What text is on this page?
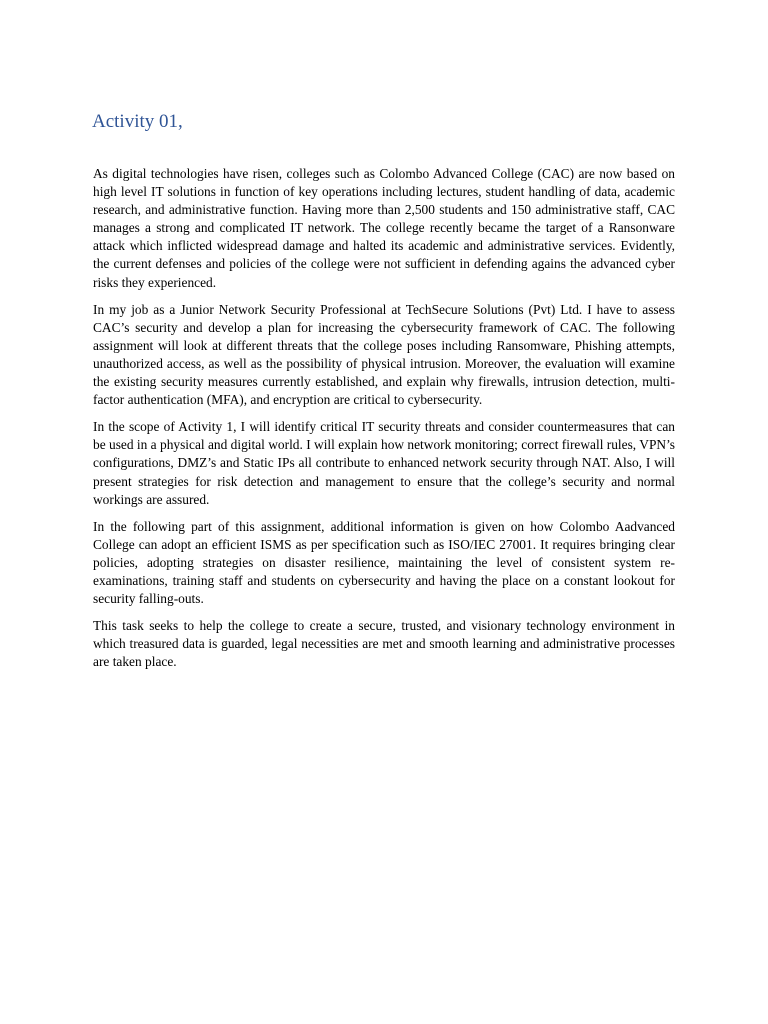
Activity 01,

As digital technologies have risen, colleges such as Colombo Advanced College (CAC) are now based on high level IT solutions in function of key operations including lectures, student handling of data, academic research, and administrative function. Having more than 2,500 students and 150 administrative staff, CAC manages a strong and complicated IT network. The college recently became the target of a Ransonware attack which inflicted widespread damage and halted its academic and administrative services. Evidently, the current defenses and policies of the college were not sufficient in defending agains the advanced cyber risks they experienced.

In my job as a Junior Network Security Professional at TechSecure Solutions (Pvt) Ltd. I have to assess CAC’s security and develop a plan for increasing the cybersecurity framework of CAC. The following assignment will look at different threats that the college poses including Ransomware, Phishing attempts, unauthorized access, as well as the possibility of physical intrusion. Moreover, the evaluation will examine the existing security measures currently established, and explain why firewalls, intrusion detection, multi-factor authentication (MFA), and encryption are critical to cybersecurity.

In the scope of Activity 1, I will identify critical IT security threats and consider countermeasures that can be used in a physical and digital world. I will explain how network monitoring; correct firewall rules, VPN’s configurations, DMZ’s and Static IPs all contribute to enhanced network security through NAT. Also, I will present strategies for risk detection and management to ensure that the college’s security and normal workings are assured.

In the following part of this assignment, additional information is given on how Colombo Aadvanced College can adopt an efficient ISMS as per specification such as ISO/IEC 27001. It requires bringing clear policies, adopting strategies on disaster resilience, maintaining the level of consistent system re-examinations, training staff and students on cybersecurity and having the place on a constant lookout for security falling-outs.

This task seeks to help the college to create a secure, trusted, and visionary technology environment in which treasured data is guarded, legal necessities are met and smooth learning and administrative processes are taken place.
